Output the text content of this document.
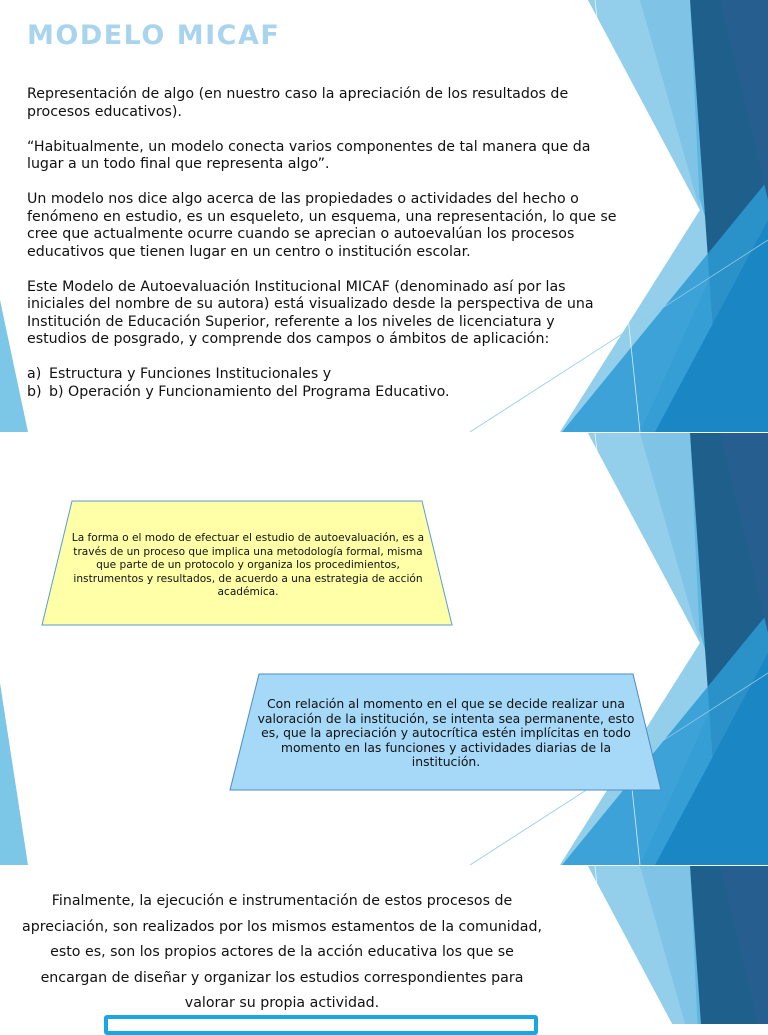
MODELO MICAF

Representación de algo (en nuestro caso la apreciación de los resultados de procesos educativos).

“Habitualmente, un modelo conecta varios componentes de tal manera que da lugar a un todo final que representa algo”.

Un modelo nos dice algo acerca de las propiedades o actividades del hecho o fenómeno en estudio, es un esqueleto, un esquema, una representación, lo que se cree que actualmente ocurre cuando se aprecian o autoevalúan los procesos educativos que tienen lugar en un centro o institución escolar.

Este Modelo de Autoevaluación Institucional MICAF (denominado así por las iniciales del nombre de su autora) está visualizado desde la perspectiva de una Institución de Educación Superior, referente a los niveles de licenciatura y estudios de posgrado, y comprende dos campos o ámbitos de aplicación:

a) Estructura y Funciones Institucionales y
b) b) Operación y Funcionamiento del Programa Educativo.
La forma o el modo de efectuar el estudio de autoevaluación, es a través de un proceso que implica una metodología formal, misma que parte de un protocolo y organiza los procedimientos, instrumentos y resultados, de acuerdo a una estrategia de acción académica.
Con relación al momento en el que se decide realizar una valoración de la institución, se intenta sea permanente, esto es, que la apreciación y autocrítica estén implícitas en todo momento en las funciones y actividades diarias de la institución.
Finalmente, la ejecución e instrumentación de estos procesos de apreciación, son realizados por los mismos estamentos de la comunidad, esto es, son los propios actores de la acción educativa los que se encargan de diseñar y organizar los estudios correspondientes para valorar su propia actividad.
